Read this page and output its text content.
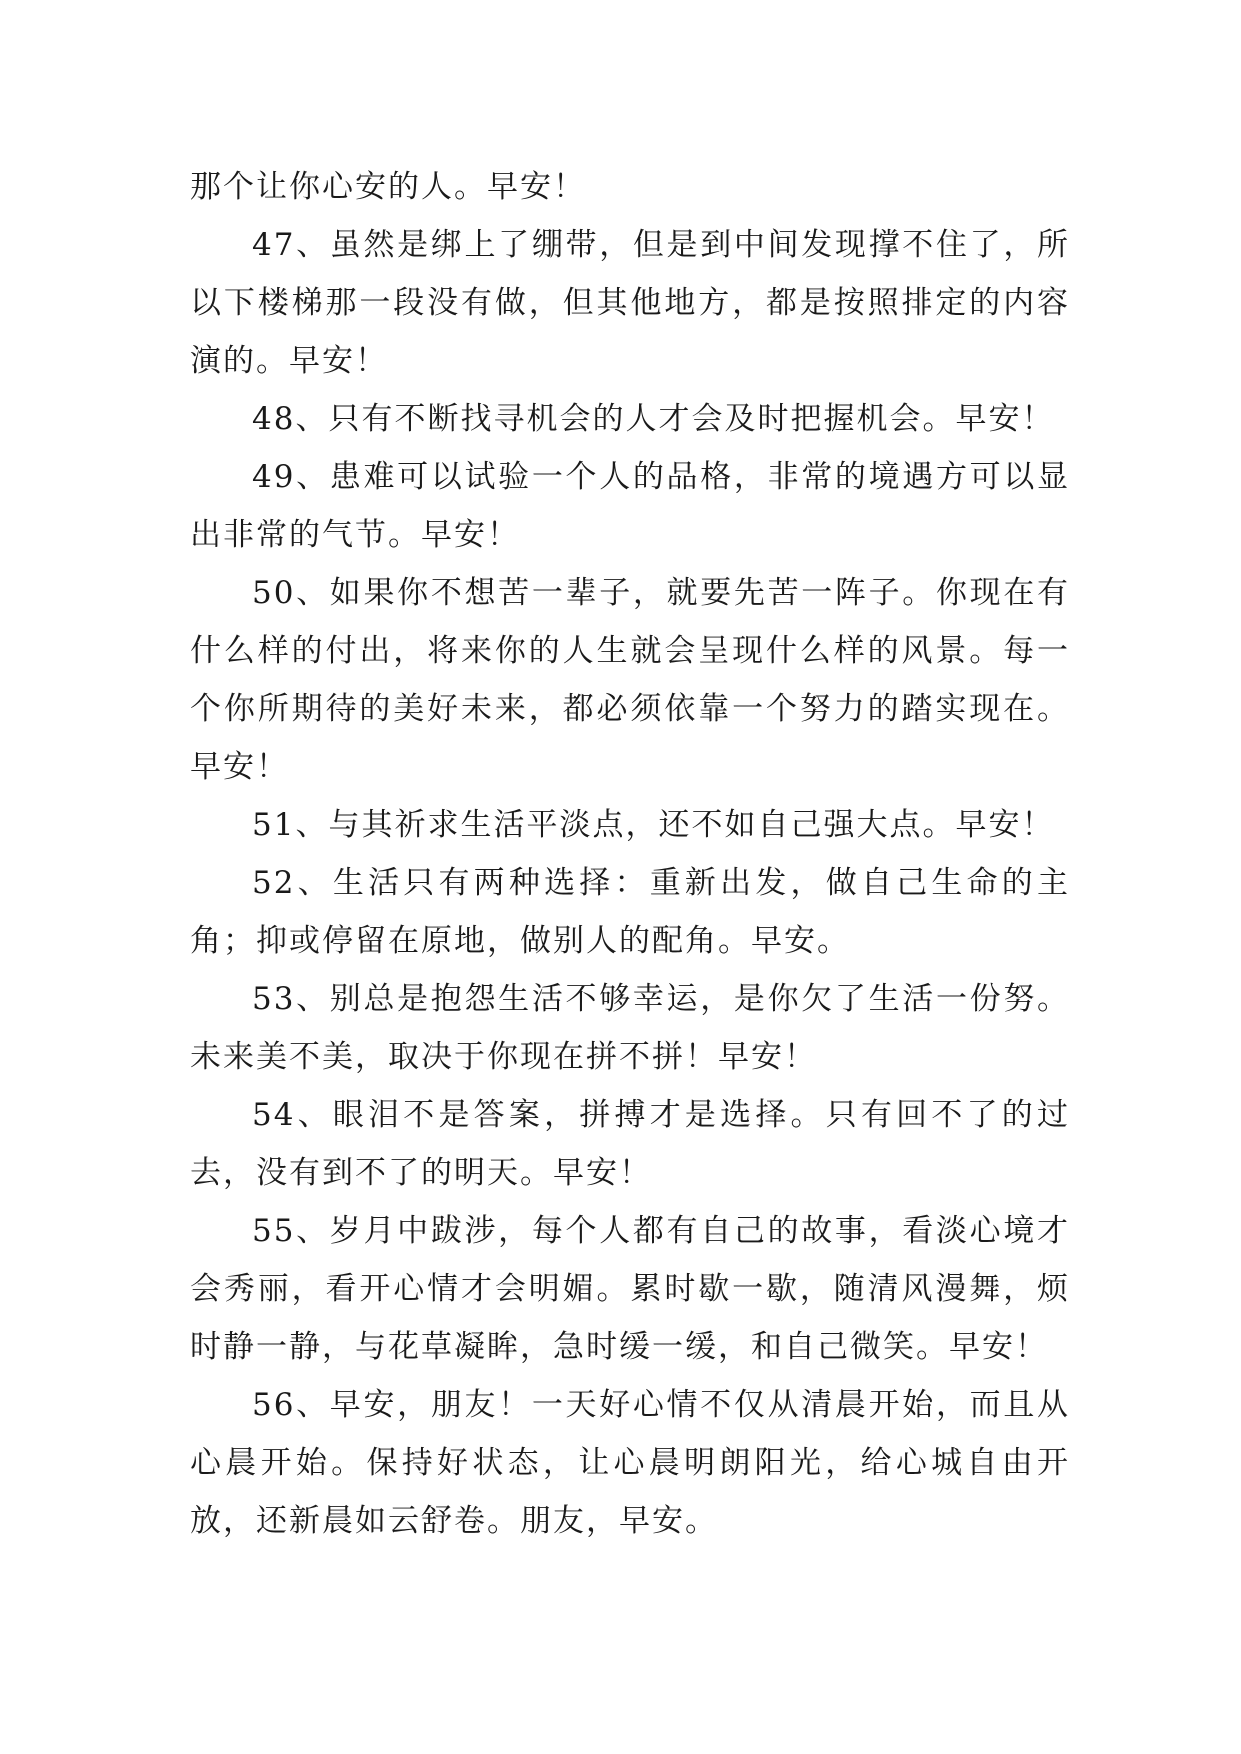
那个让你心安的人。早安！

47、虽然是绑上了绷带，但是到中间发现撑不住了，所以下楼梯那一段没有做，但其他地方，都是按照排定的内容演的。早安！

48、只有不断找寻机会的人才会及时把握机会。早安！

49、患难可以试验一个人的品格，非常的境遇方可以显出非常的气节。早安！

50、如果你不想苦一辈子，就要先苦一阵子。你现在有什么样的付出，将来你的人生就会呈现什么样的风景。每一个你所期待的美好未来，都必须依靠一个努力的踏实现在。早安！

51、与其祈求生活平淡点，还不如自己强大点。早安！

52、生活只有两种选择：重新出发，做自己生命的主角；抑或停留在原地，做别人的配角。早安。

53、别总是抱怨生活不够幸运，是你欠了生活一份努。未来美不美，取决于你现在拼不拼！早安！

54、眼泪不是答案，拼搏才是选择。只有回不了的过去，没有到不了的明天。早安！

55、岁月中跋涉，每个人都有自己的故事，看淡心境才会秀丽，看开心情才会明媚。累时歇一歇，随清风漫舞，烦时静一静，与花草凝眸，急时缓一缓，和自己微笑。早安！

56、早安，朋友！一天好心情不仅从清晨开始，而且从心晨开始。保持好状态，让心晨明朗阳光，给心城自由开放，还新晨如云舒卷。朋友，早安。
